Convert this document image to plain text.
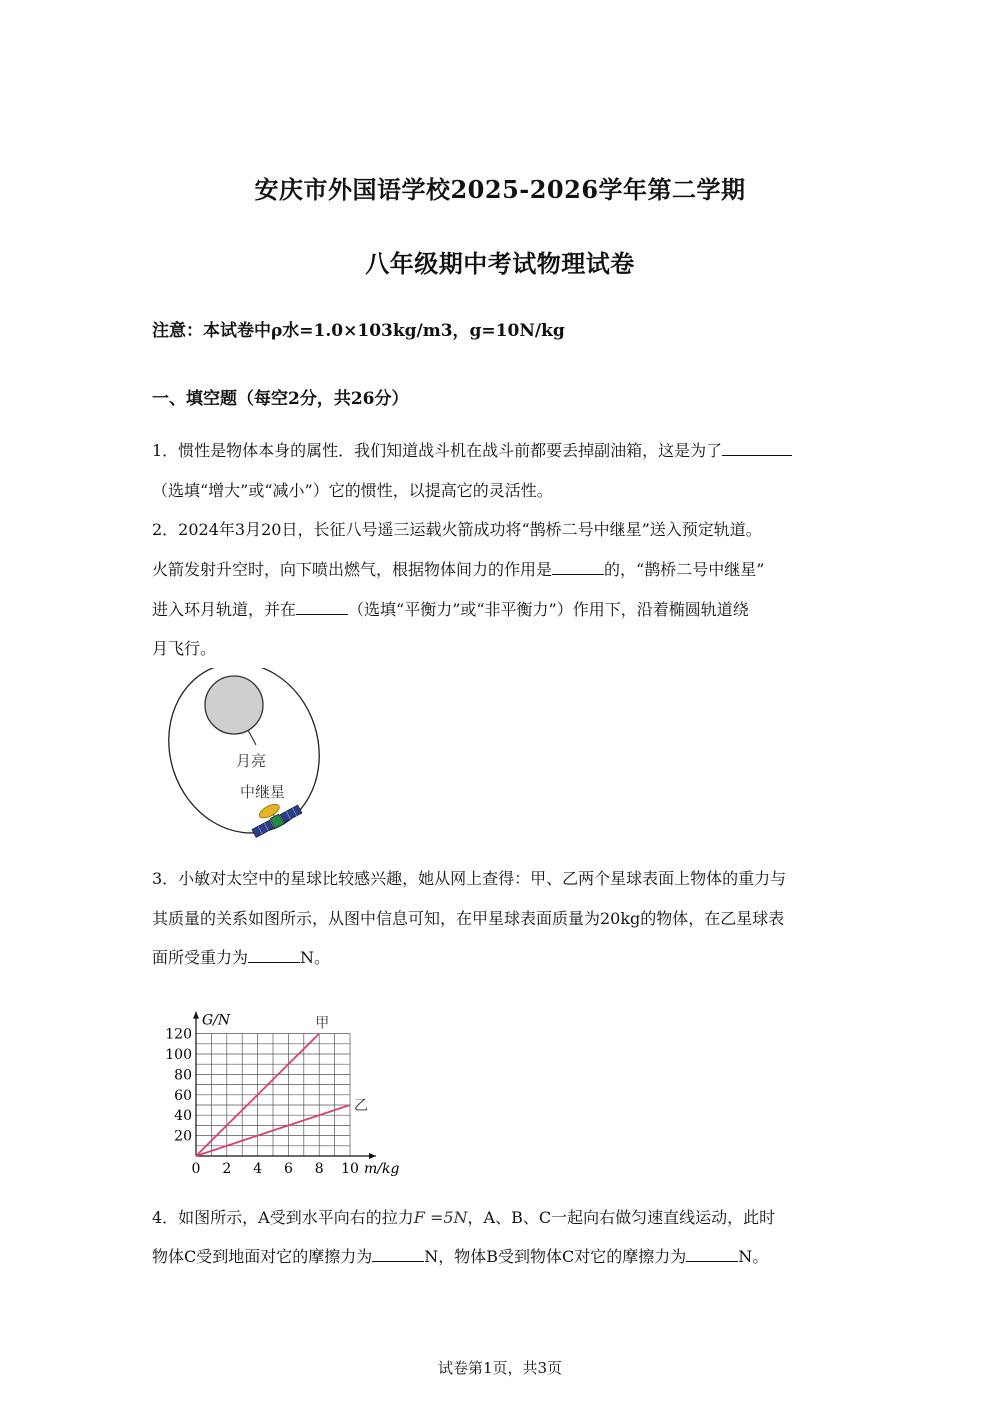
安庆市外国语学校2025-2026学年第二学期
八年级期中考试物理试卷
注意：本试卷中ρ水=1.0×103kg/m3，g=10N/kg
一、填空题（每空2分，共26分）
1．惯性是物体本身的属性．我们知道战斗机在战斗前都要丢掉副油箱，这是为了
（选填“增大”或“减小”）它的惯性，以提高它的灵活性。
2．2024年3月20日，长征八号遥三运载火箭成功将“鹊桥二号中继星”送入预定轨道。
火箭发射升空时，向下喷出燃气，根据物体间力的作用是	的，“鹊桥二号中继星”
进入环月轨道，并在	（选填“平衡力”或“非平衡力”）作用下，沿着椭圆轨道绕
月飞行。
月亮
中继星
3．小敏对太空中的星球比较感兴趣，她从网上查得：甲、乙两个星球表面上物体的重力与
其质量的关系如图所示，从图中信息可知，在甲星球表面质量为20kg的物体，在乙星球表
面所受重力为	N。
0 2 4 6 8 10
20
40
60
80
100
120
G/N
m/kg
甲
乙
4．如图所示，A受到水平向右的拉力F =5N，A、B、C一起向右做匀速直线运动，此时
物体C受到地面对它的摩擦力为	N，物体B受到物体C对它的摩擦力为	N。
试卷第1页，共3页
